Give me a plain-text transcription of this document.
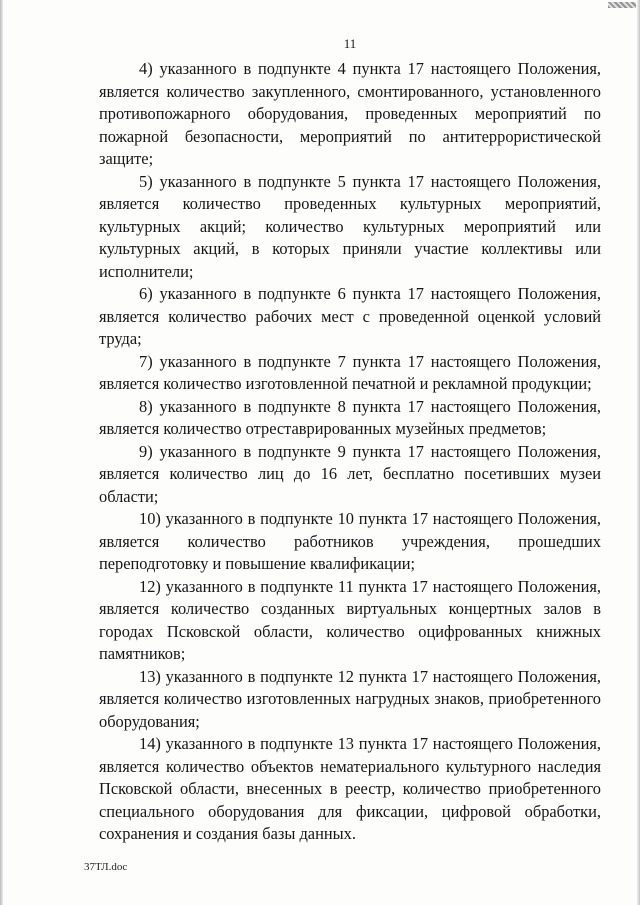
11

4) указанного в подпункте 4 пункта 17 настоящего Положения, является количество закупленного, смонтированного, установленного противопожарного оборудования, проведенных мероприятий по пожарной безопасности, мероприятий по антитеррористической защите;

5) указанного в подпункте 5 пункта 17 настоящего Положения, является количество проведенных культурных мероприятий, культурных акций; количество культурных мероприятий или культурных акций, в которых приняли участие коллективы или исполнители;

6) указанного в подпункте 6 пункта 17 настоящего Положения, является количество рабочих мест с проведенной оценкой условий труда;

7) указанного в подпункте 7 пункта 17 настоящего Положения, является количество изготовленной печатной и рекламной продукции;

8) указанного в подпункте 8 пункта 17 настоящего Положения, является количество отреставрированных музейных предметов;

9) указанного в подпункте 9 пункта 17 настоящего Положения, является количество лиц до 16 лет, бесплатно посетивших музеи области;

10) указанного в подпункте 10 пункта 17 настоящего Положения, является количество работников учреждения, прошедших переподготовку и повышение квалификации;

12) указанного в подпункте 11 пункта 17 настоящего Положения, является количество созданных виртуальных концертных залов в городах Псковской области, количество оцифрованных книжных памятников;

13) указанного в подпункте 12 пункта 17 настоящего Положения, является количество изготовленных нагрудных знаков, приобретенного оборудования;

14) указанного в подпункте 13 пункта 17 настоящего Положения, является количество объектов нематериального культурного наследия Псковской области, внесенных в реестр, количество приобретенного специального оборудования для фиксации, цифровой обработки, сохранения и создания базы данных.

37ТЛ.doc
